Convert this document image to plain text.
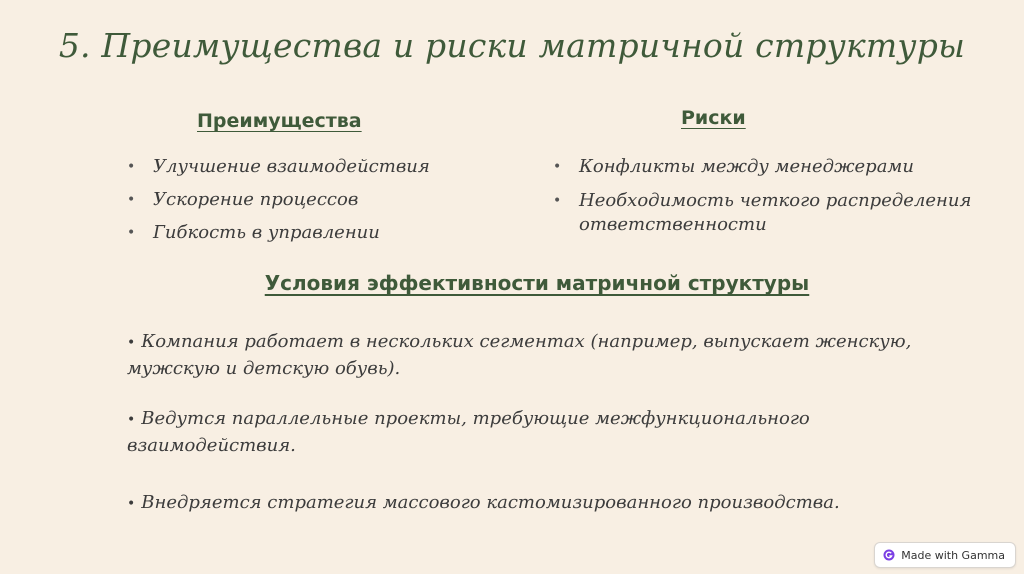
5. Преимущества и риски матричной структуры
Преимущества	Риски
• Улучшение взаимодействия
• Ускорение процессов
• Гибкость в управлении
• Конфликты между менеджерами
• Необходимость четкого распределения ответственности
Условия эффективности матричной структуры
• Компания работает в нескольких сегментах (например, выпускает женскую, мужскую и детскую обувь).
• Ведутся параллельные проекты, требующие межфункционального взаимодействия.
• Внедряется стратегия массового кастомизированного производства.
Made with Gamma
